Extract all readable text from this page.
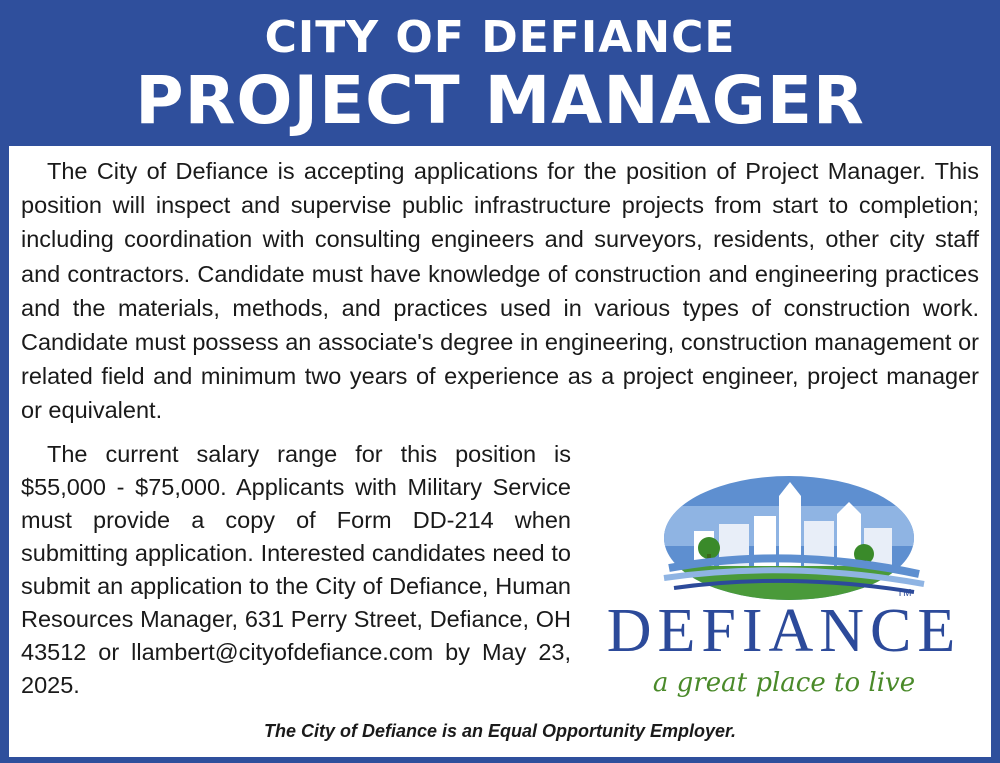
CITY OF DEFIANCE
PROJECT MANAGER
The City of Defiance is accepting applications for the position of Project Manager. This position will inspect and supervise public infrastructure projects from start to completion; including coordination with consulting engineers and surveyors, residents, other city staff and contractors. Candidate must have knowledge of construction and engineering practices and the materials, methods, and practices used in various types of construction work. Candidate must possess an associate's degree in engineering, construction management or related field and minimum two years of experience as a project engineer, project manager or equivalent.
The current salary range for this position is $55,000 - $75,000. Applicants with Military Service must provide a copy of Form DD-214 when submitting application. Interested candidates need to submit an application to the City of Defiance, Human Resources Manager, 631 Perry Street, Defiance, OH 43512 or llambert@cityofdefiance.com by May 23, 2025.
DEFIANCE
TM
a great place to live
The City of Defiance is an Equal Opportunity Employer.
